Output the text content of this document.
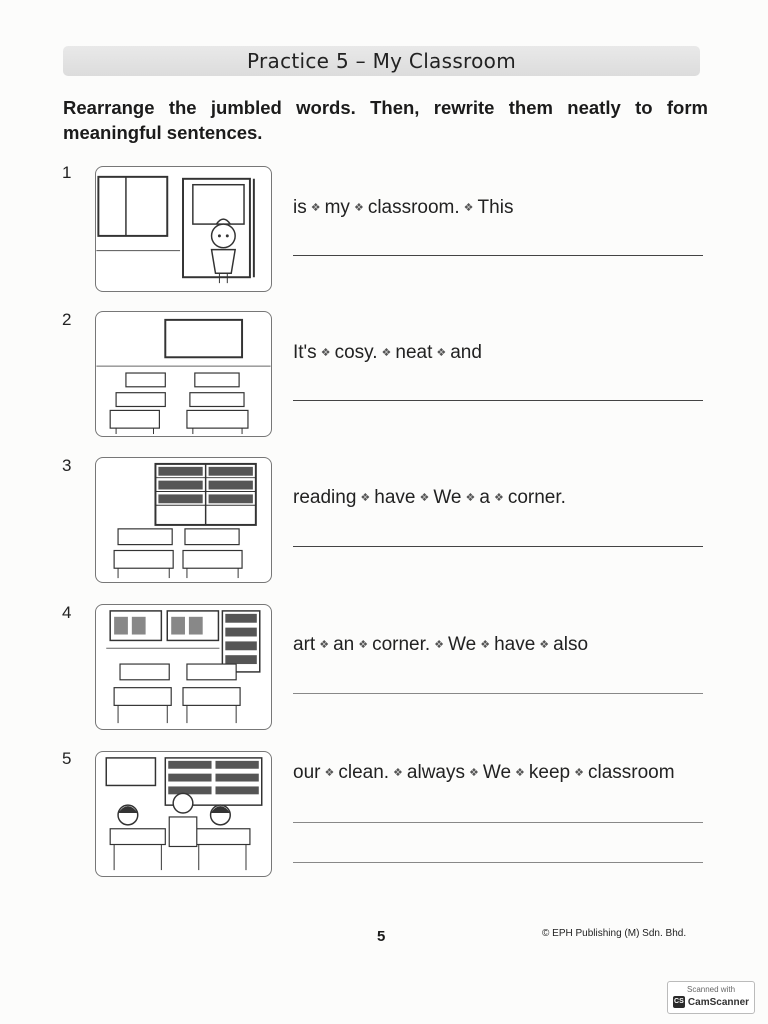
Practice 5 – My Classroom
Rearrange the jumbled words. Then, rewrite them neatly to form meaningful sentences.
1
is ❖ my ❖ classroom. ❖ This
2
It's ❖ cosy. ❖ neat ❖ and
3
reading ❖ have ❖ We ❖ a ❖ corner.
4
art ❖ an ❖ corner. ❖ We ❖ have ❖ also
5
our ❖ clean. ❖ always ❖ We ❖ keep ❖ classroom
5	© EPH Publishing (M) Sdn. Bhd.
Scanned with
CS CamScanner
